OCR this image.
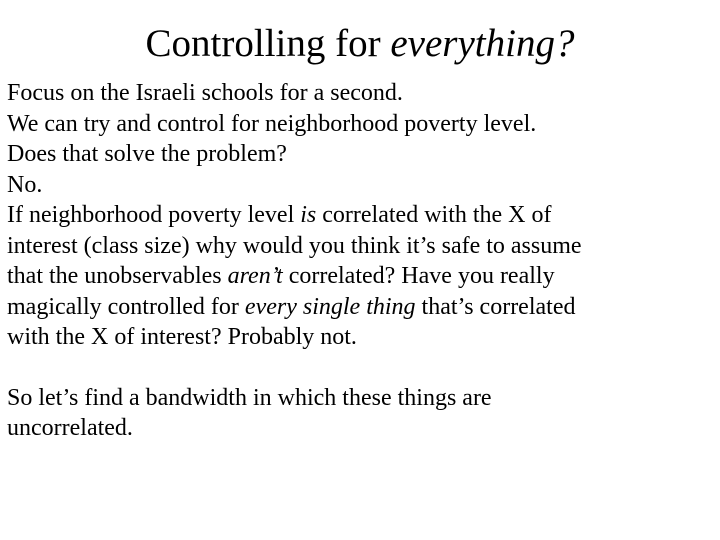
Controlling for everything?

Focus on the Israeli schools for a second.

We can try and control for neighborhood poverty level.

Does that solve the problem?

No.

If neighborhood poverty level is correlated with the X of
interest (class size) why would you think it’s safe to assume
that the unobservables aren’t correlated? Have you really
magically controlled for every single thing that’s correlated
with the X of interest? Probably not.

So let’s find a bandwidth in which these things are
uncorrelated.
